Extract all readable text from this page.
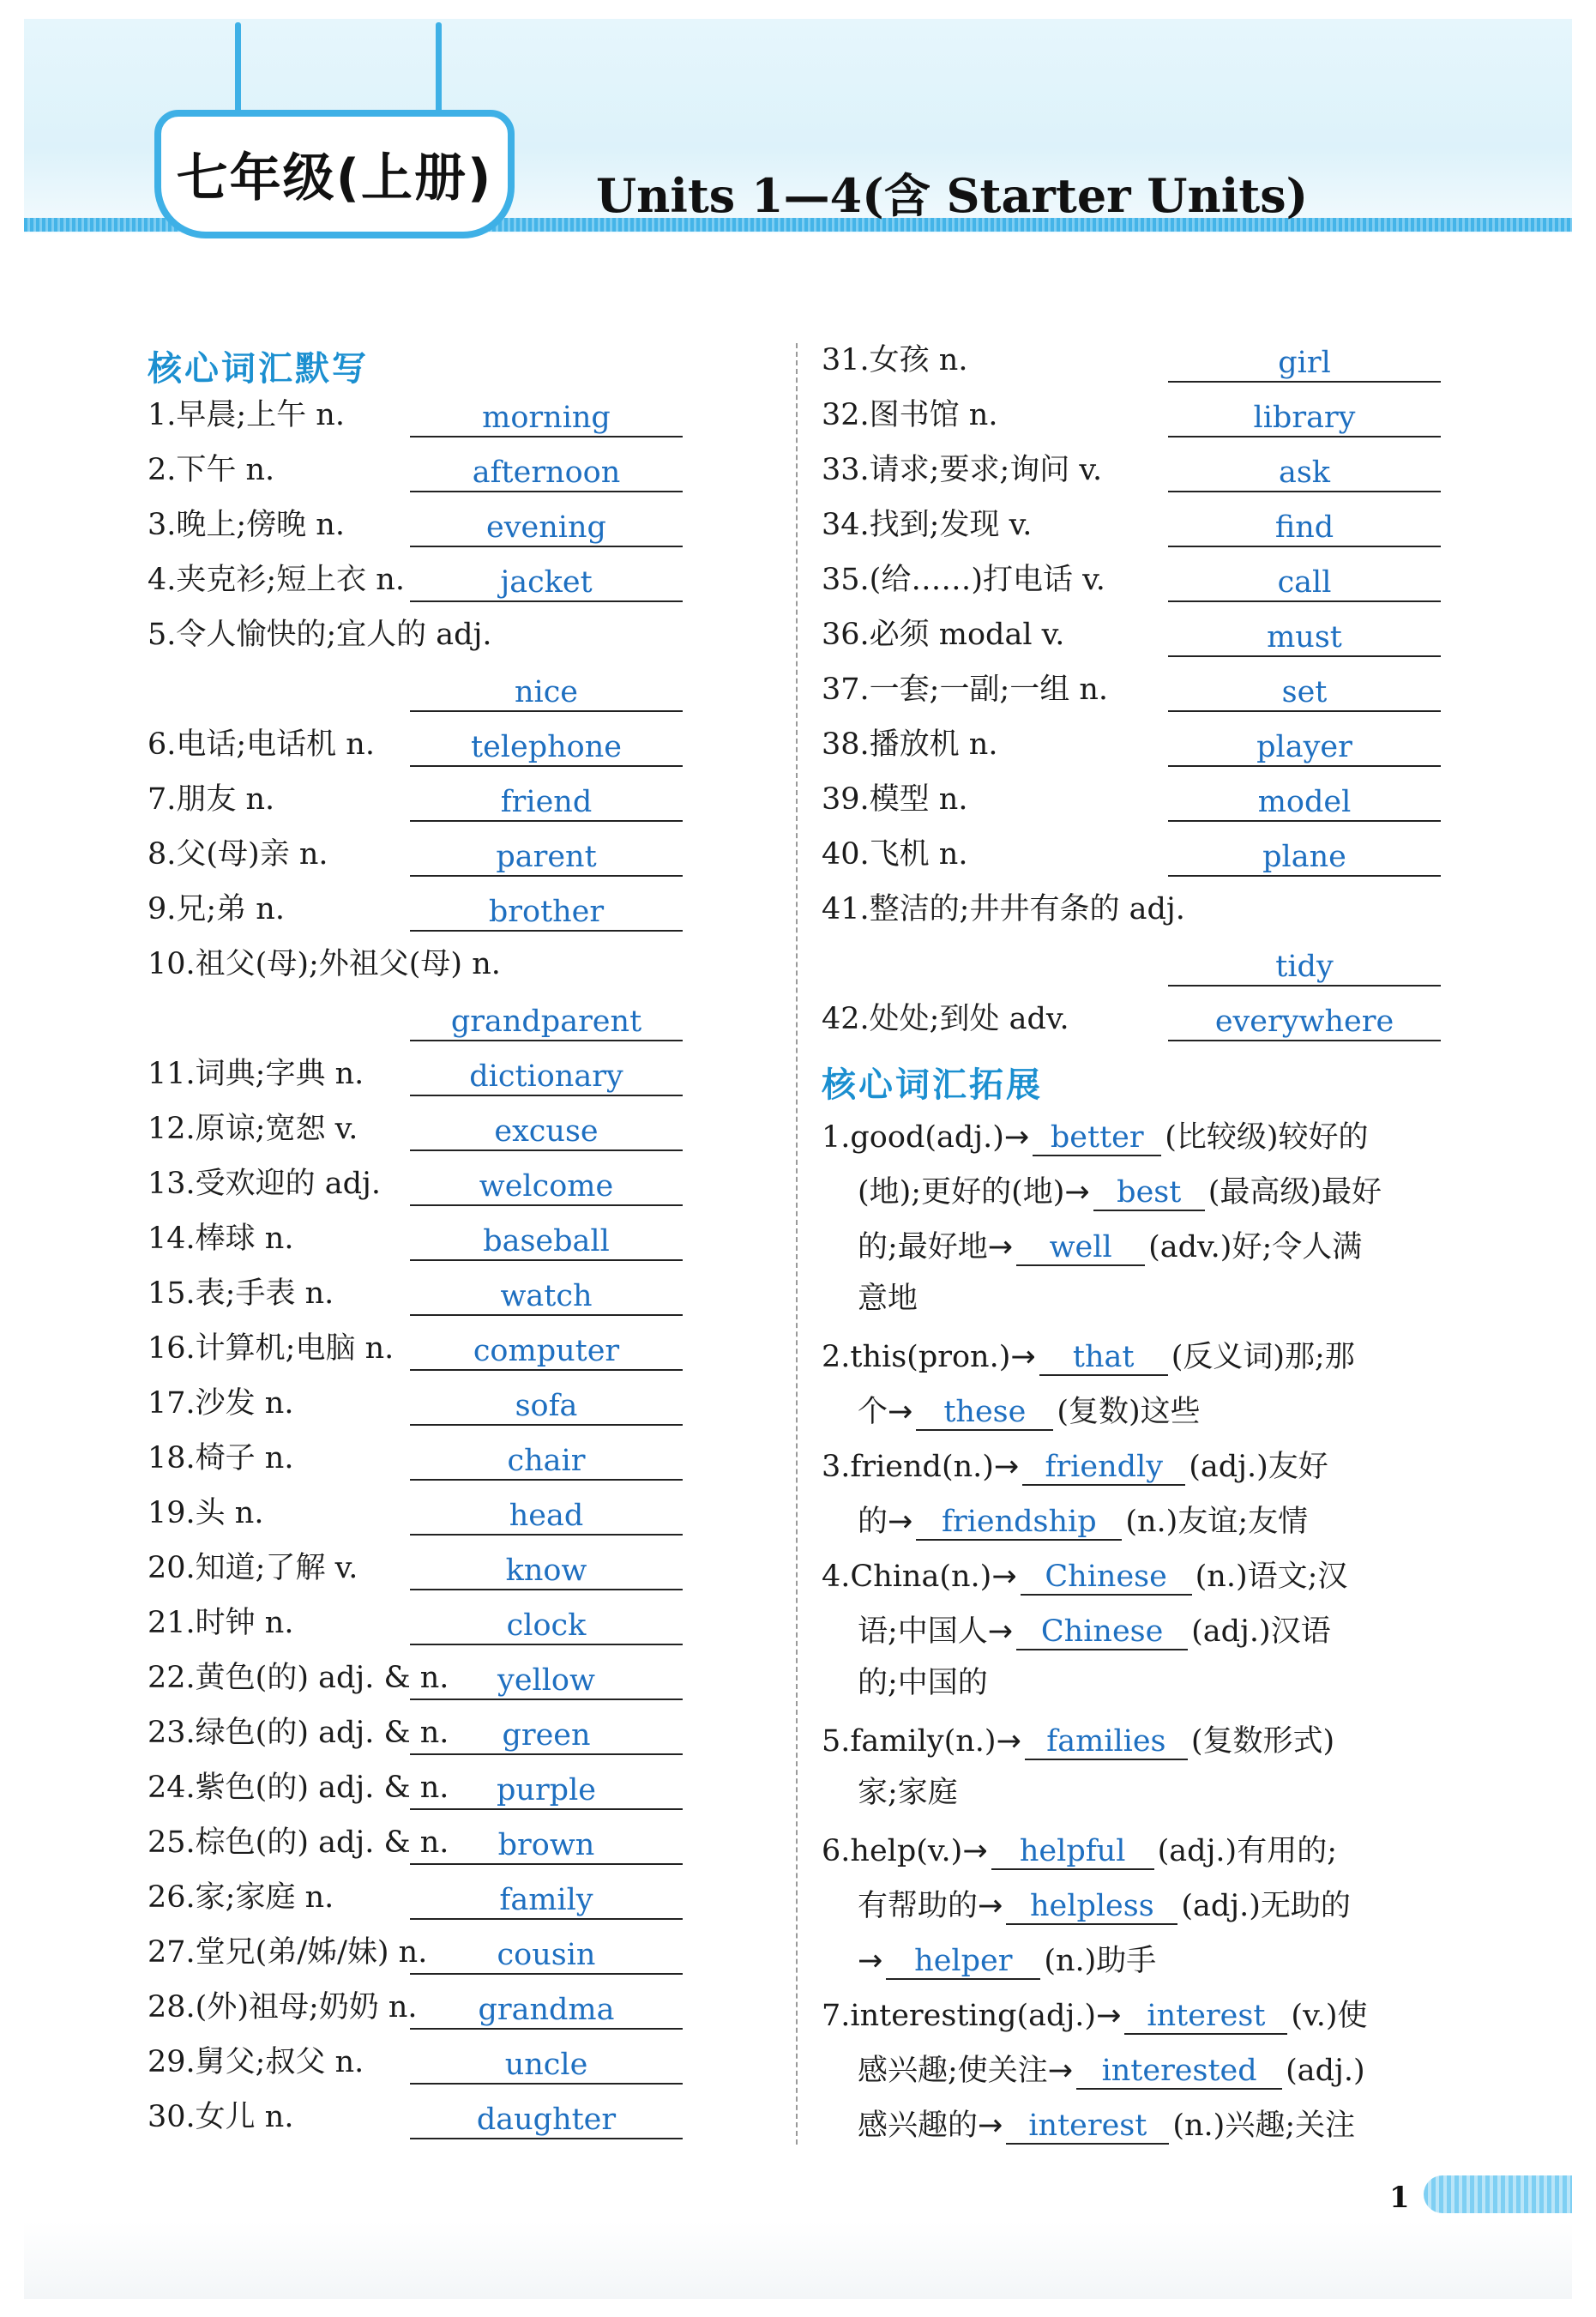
七年级(上册) Units 1—4(含 Starter Units)
核心词汇默写
1.早晨;上午 n.	morning
2.下午 n.	afternoon
3.晚上;傍晚 n.	evening
4.夹克衫;短上衣 n.	jacket
5.令人愉快的;宜人的 adj.
nice
6.电话;电话机 n.	telephone
7.朋友 n.	friend
8.父(母)亲 n.	parent
9.兄;弟 n.	brother
10.祖父(母);外祖父(母) n.
grandparent
11.词典;字典 n.	dictionary
12.原谅;宽恕 v.	excuse
13.受欢迎的 adj.	welcome
14.棒球 n.	baseball
15.表;手表 n.	watch
16.计算机;电脑 n.	computer
17.沙发 n.	sofa
18.椅子 n.	chair
19.头 n.	head
20.知道;了解 v.	know
21.时钟 n.	clock
22.黄色(的) adj. & n.	yellow
23.绿色(的) adj. & n.	green
24.紫色(的) adj. & n.	purple
25.棕色(的) adj. & n.	brown
26.家;家庭 n.	family
27.堂兄(弟/姊/妹) n.	cousin
28.(外)祖母;奶奶 n.	grandma
29.舅父;叔父 n.	uncle
30.女儿 n.	daughter
31.女孩 n.	girl
32.图书馆 n.	library
33.请求;要求;询问 v.	ask
34.找到;发现 v.	find
35.(给……)打电话 v.	call
36.必须 modal v.	must
37.一套;一副;一组 n.	set
38.播放机 n.	player
39.模型 n.	model
40.飞机 n.	plane
41.整洁的;井井有条的 adj.
tidy
42.处处;到处 adv.	everywhere
核心词汇拓展
1.good(adj.)→ better (比较级)较好的
(地);更好的(地)→ best (最高级)最好
的;最好地→ well (adv.)好;令人满
意地
2.this(pron.)→ that (反义词)那;那
个→ these (复数)这些
3.friend(n.)→ friendly (adj.)友好
的→ friendship (n.)友谊;友情
4.China(n.)→ Chinese (n.)语文;汉
语;中国人→ Chinese (adj.)汉语
的;中国的
5.family(n.)→ families (复数形式)
家;家庭
6.help(v.)→ helpful (adj.)有用的;
有帮助的→ helpless (adj.)无助的
→ helper (n.)助手
7.interesting(adj.)→ interest (v.)使
感兴趣;使关注→ interested (adj.)
感兴趣的→ interest (n.)兴趣;关注
1
